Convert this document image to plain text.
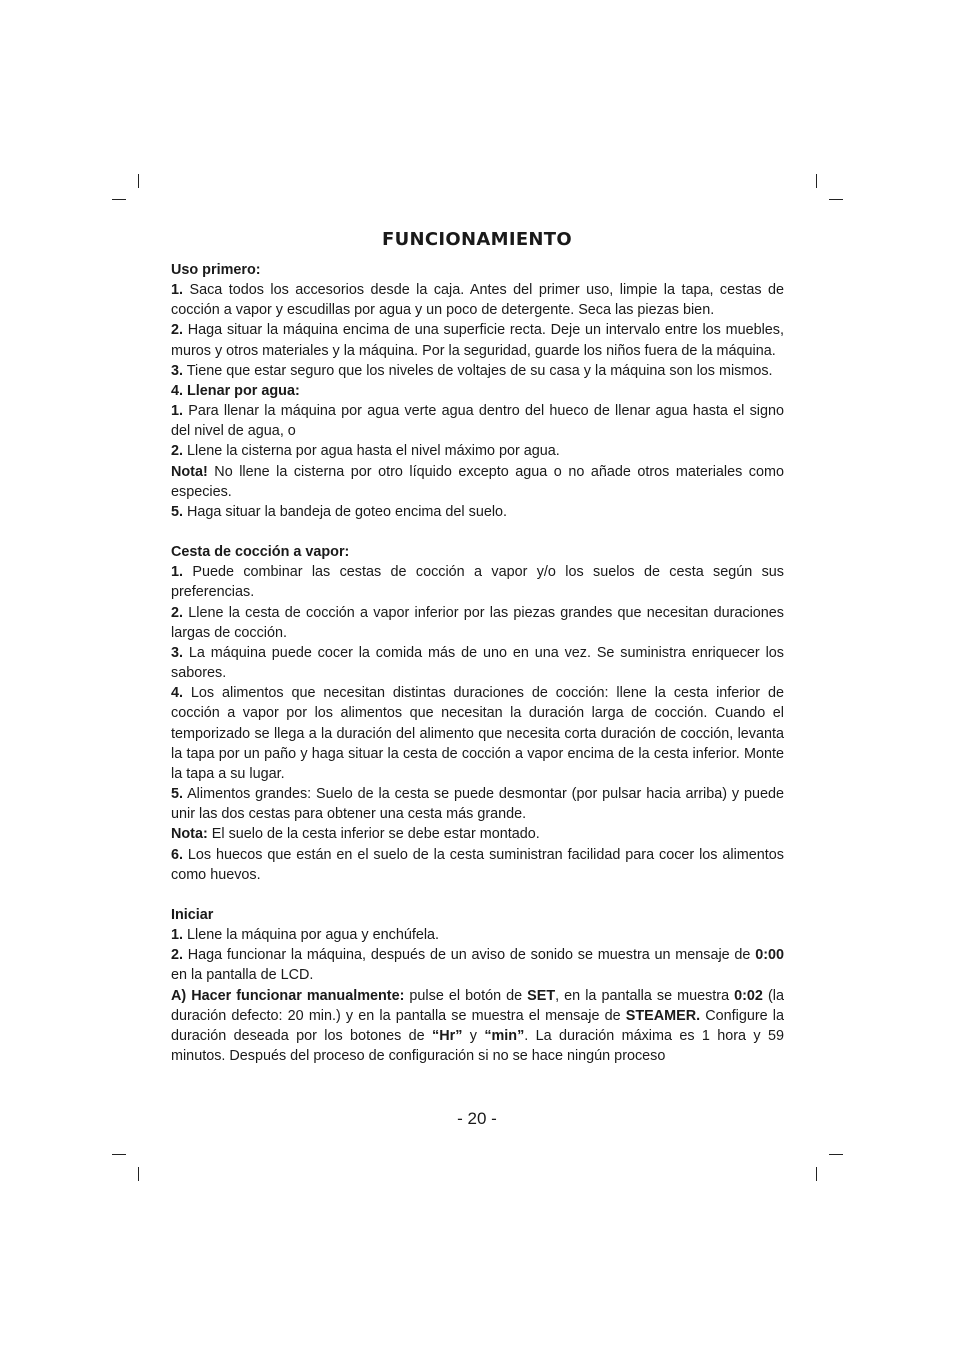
FUNCIONAMIENTO

Uso primero:

1. Saca todos los accesorios desde la caja. Antes del primer uso, limpie la tapa, cestas de cocción a vapor y escudillas por agua y un poco de detergente. Seca las piezas bien.

2. Haga situar la máquina encima de una superficie recta. Deje un intervalo entre los muebles, muros y otros materiales y la máquina. Por la seguridad, guarde los niños fuera de la máquina.

3. Tiene que estar seguro que los niveles de voltajes de su casa y la máquina son los mismos.

4. Llenar por agua:

1. Para llenar la máquina por agua verte agua dentro del hueco de llenar agua hasta el signo del nivel de agua, o

2. Llene la cisterna por agua hasta el nivel máximo por agua.

Nota! No llene la cisterna por otro líquido excepto agua o no añade otros materiales como especies.

5. Haga situar la bandeja de goteo encima del suelo.

Cesta de cocción a vapor:

1. Puede combinar las cestas de cocción a vapor y/o los suelos de cesta según sus preferencias.

2. Llene la cesta de cocción a vapor inferior por las piezas grandes que necesitan duraciones largas de cocción.

3. La máquina puede cocer la comida más de uno en una vez. Se suministra enriquecer los sabores.

4. Los alimentos que necesitan distintas duraciones de cocción: llene la cesta inferior de cocción a vapor por los alimentos que necesitan la duración larga de cocción. Cuando el temporizado se llega a la duración del alimento que necesita corta duración de cocción, levanta la tapa por un paño y haga situar la cesta de cocción a vapor encima de la cesta inferior. Monte la tapa a su lugar.

5. Alimentos grandes: Suelo de la cesta se puede desmontar (por pulsar hacia arriba) y puede unir las dos cestas para obtener una cesta más grande.

Nota: El suelo de la cesta inferior se debe estar montado.

6. Los huecos que están en el suelo de la cesta suministran facilidad para cocer los alimentos como huevos.

Iniciar

1. Llene la máquina por agua y enchúfela.

2. Haga funcionar la máquina, después de un aviso de sonido se muestra un mensaje de 0:00 en la pantalla de LCD.

A) Hacer funcionar manualmente: pulse el botón de SET, en la pantalla se muestra 0:02 (la duración defecto: 20 min.) y en la pantalla se muestra el mensaje de STEAMER. Configure la duración deseada por los botones de “Hr” y “min”. La duración máxima es 1 hora y 59 minutos. Después del proceso de configuración si no se hace ningún proceso

- 20 -
